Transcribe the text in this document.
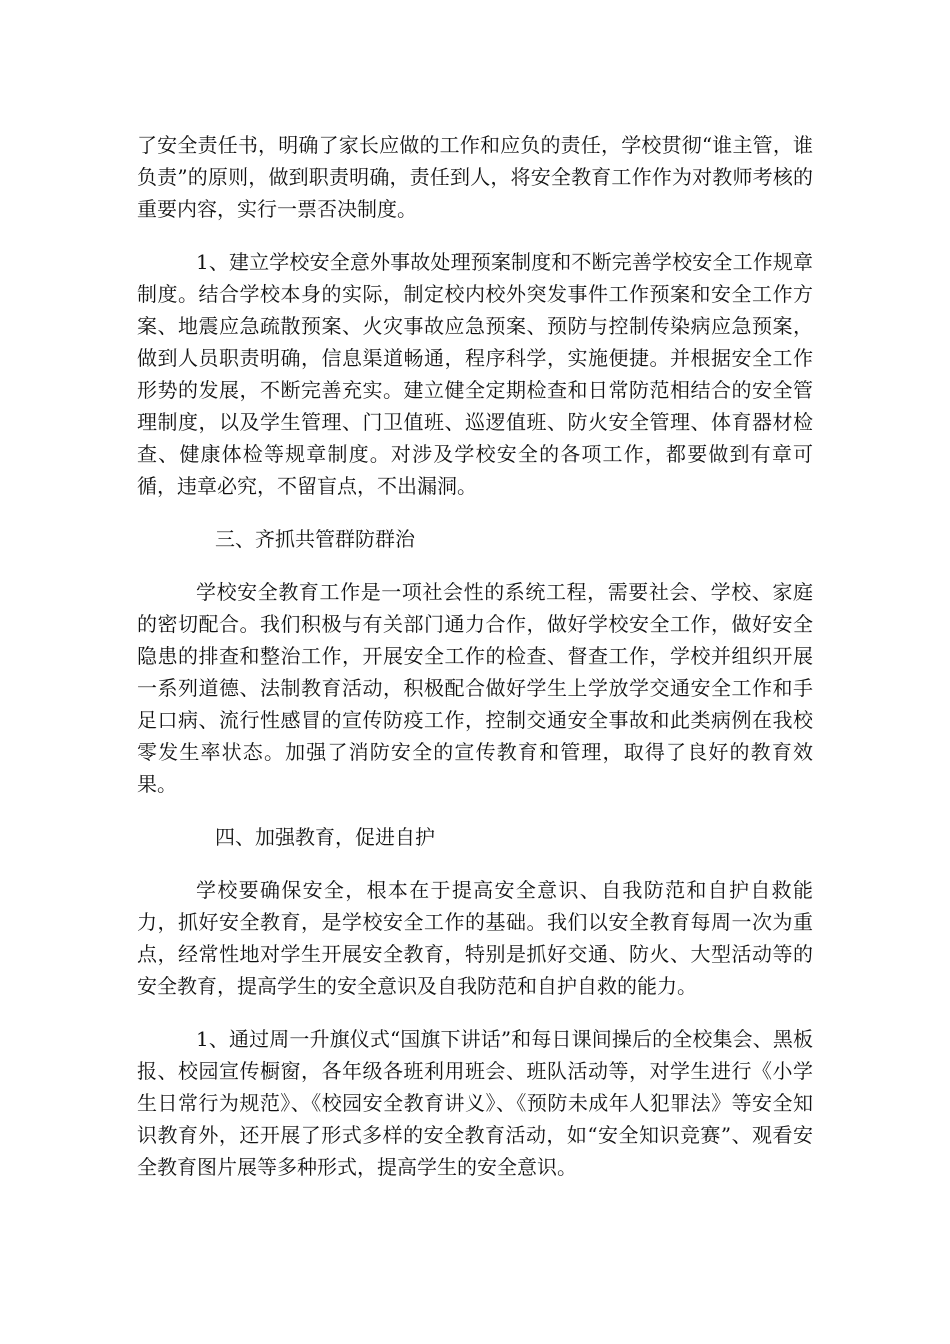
了安全责任书，明确了家长应做的工作和应负的责任，学校贯彻“谁主管，谁负责”的原则，做到职责明确，责任到人，将安全教育工作作为对教师考核的重要内容，实行一票否决制度。

1、建立学校安全意外事故处理预案制度和不断完善学校安全工作规章制度。结合学校本身的实际，制定校内校外突发事件工作预案和安全工作方案、地震应急疏散预案、火灾事故应急预案、预防与控制传染病应急预案，做到人员职责明确，信息渠道畅通，程序科学，实施便捷。并根据安全工作形势的发展，不断完善充实。建立健全定期检查和日常防范相结合的安全管理制度，以及学生管理、门卫值班、巡逻值班、防火安全管理、体育器材检查、健康体检等规章制度。对涉及学校安全的各项工作，都要做到有章可循，违章必究，不留盲点，不出漏洞。

三、齐抓共管群防群治

学校安全教育工作是一项社会性的系统工程，需要社会、学校、家庭的密切配合。我们积极与有关部门通力合作，做好学校安全工作，做好安全隐患的排查和整治工作，开展安全工作的检查、督查工作，学校并组织开展一系列道德、法制教育活动，积极配合做好学生上学放学交通安全工作和手足口病、流行性感冒的宣传防疫工作，控制交通安全事故和此类病例在我校零发生率状态。加强了消防安全的宣传教育和管理，取得了良好的教育效果。

四、加强教育，促进自护

学校要确保安全，根本在于提高安全意识、自我防范和自护自救能力，抓好安全教育，是学校安全工作的基础。我们以安全教育每周一次为重点，经常性地对学生开展安全教育，特别是抓好交通、防火、大型活动等的安全教育，提高学生的安全意识及自我防范和自护自救的能力。

1、通过周一升旗仪式“国旗下讲话”和每日课间操后的全校集会、黑板报、校园宣传橱窗，各年级各班利用班会、班队活动等，对学生进行《小学生日常行为规范》、《校园安全教育讲义》、《预防未成年人犯罪法》等安全知识教育外，还开展了形式多样的安全教育活动，如“安全知识竞赛”、观看安全教育图片展等多种形式，提高学生的安全意识。
